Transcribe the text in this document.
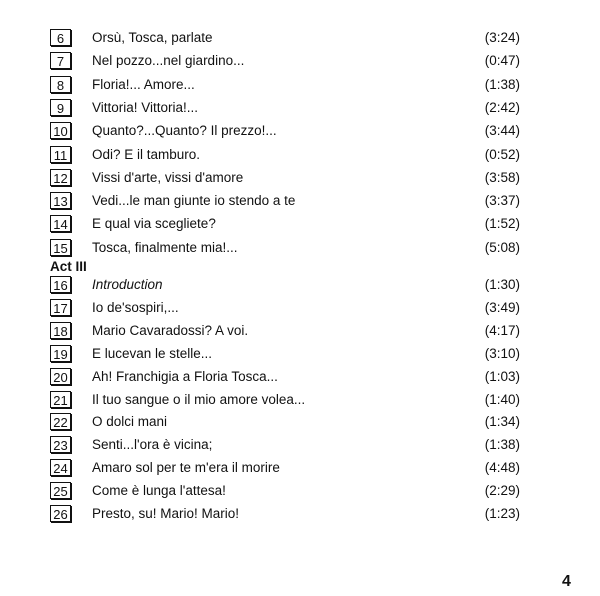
6	Orsù, Tosca, parlate	(3:24)
7	Nel pozzo...nel giardino...	(0:47)
8	Floria!... Amore...	(1:38)
9	Vittoria! Vittoria!...	(2:42)
10 Quanto?...Quanto? Il prezzo!...	(3:44)
11 Odi? E il tamburo.	(0:52)
12 Vissi d'arte, vissi d'amore	(3:58)
13 Vedi...le man giunte io stendo a te	(3:37)
14 E qual via scegliete?	(1:52)
15 Tosca, finalmente mia!...	(5:08)
Act III
16 Introduction	(1:30)
17 Io de'sospiri,...	(3:49)
18 Mario Cavaradossi? A voi.	(4:17)
19 E lucevan le stelle...	(3:10)
20 Ah! Franchigia a Floria Tosca...	(1:03)
21 Il tuo sangue o il mio amore volea...	(1:40)
22 O dolci mani	(1:34)
23 Senti...l'ora è vicina;	(1:38)
24 Amaro sol per te m'era il morire	(4:48)
25 Come è lunga l'attesa!	(2:29)
26 Presto, su! Mario! Mario!	(1:23)
4
